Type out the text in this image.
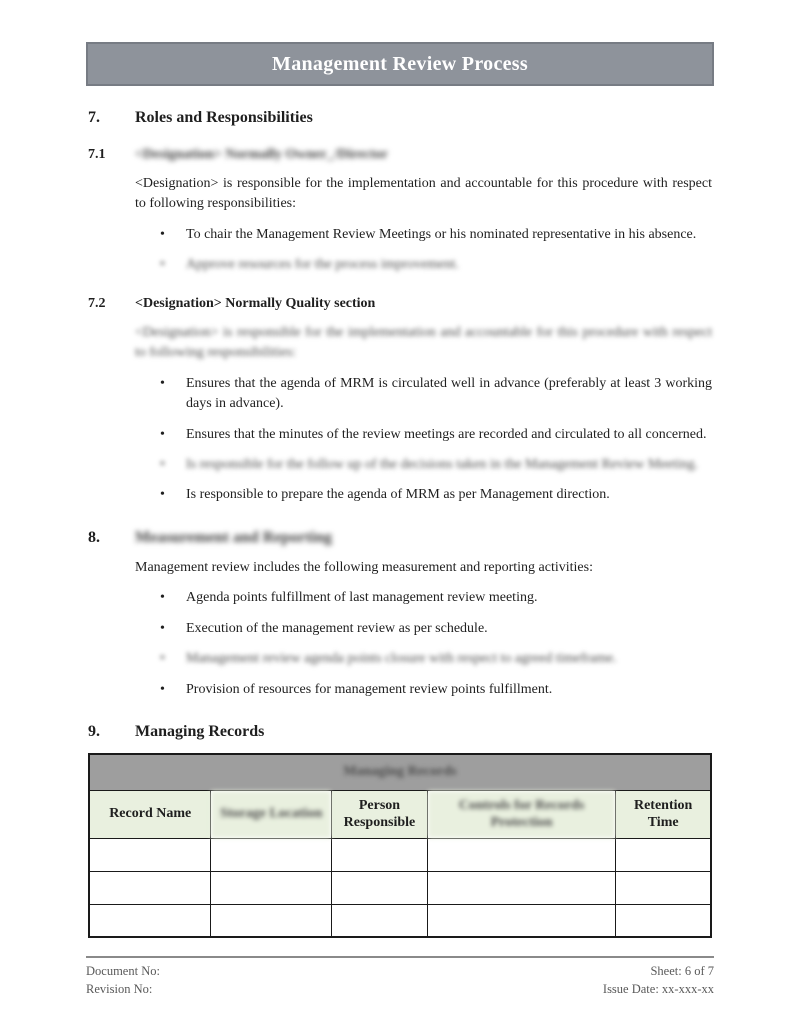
Management Review Process
7.	Roles and Responsibilities
7.1	<Designation> Normally Owner_/Director

<Designation> is responsible for the implementation and accountable for this procedure with respect to following responsibilities:

• To chair the Management Review Meetings or his nominated representative in his absence.
• Approve resources for the process improvement.
7.2	<Designation> Normally Quality section

<Designation> is responsible for the implementation and accountable for this procedure with respect to following responsibilities:

• Ensures that the agenda of MRM is circulated well in advance (preferably at least 3 working days in advance).
• Ensures that the minutes of the review meetings are recorded and circulated to all concerned.
• Is responsible for the follow up of the decisions taken in the Management Review Meeting.
• Is responsible to prepare the agenda of MRM as per Management direction.
8.	Measurement and Reporting

Management review includes the following measurement and reporting activities:

• Agenda points fulfillment of last management review meeting.
• Execution of the management review as per schedule.
• Management review agenda points closure with respect to agreed timeframe.
• Provision of resources for management review points fulfillment.
9.	Managing Records
Managing Records				
Record Name	Storage Location	Person Responsible	Controls for Records Protection	Retention Time

Document No:
Revision No:
Sheet: 6 of 7
Issue Date: xx-xxx-xx
